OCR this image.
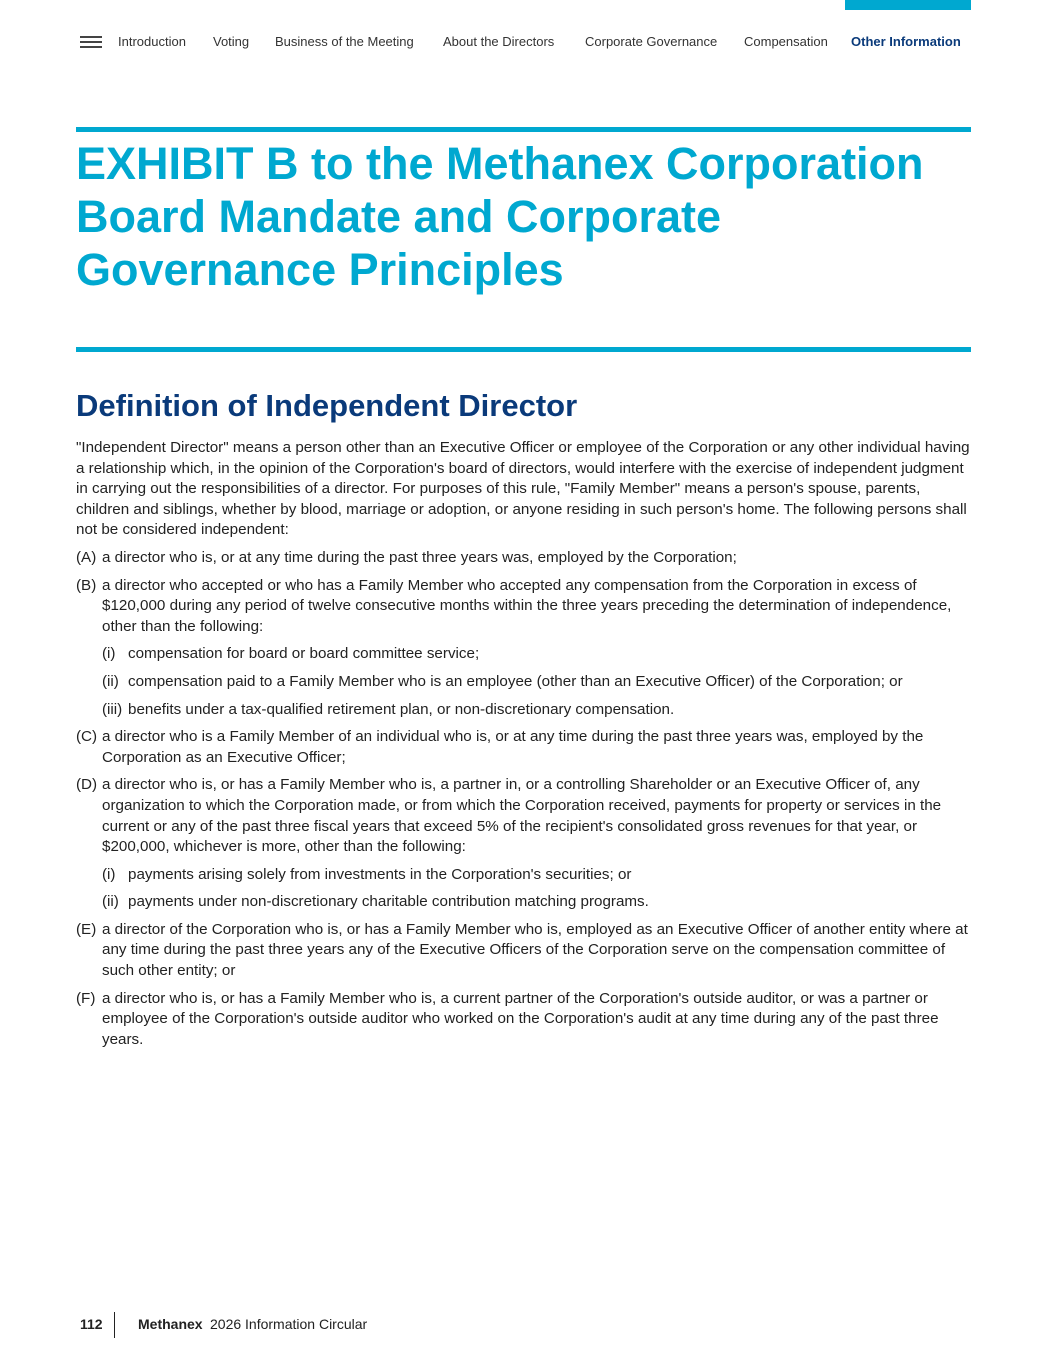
Introduction Voting Business of the Meeting About the Directors Corporate Governance Compensation Other Information
EXHIBIT B to the Methanex Corporation Board Mandate and Corporate Governance Principles
Definition of Independent Director

"Independent Director" means a person other than an Executive Officer or employee of the Corporation or any other individual having a relationship which, in the opinion of the Corporation's board of directors, would interfere with the exercise of independent judgment in carrying out the responsibilities of a director. For purposes of this rule, "Family Member" means a person's spouse, parents, children and siblings, whether by blood, marriage or adoption, or anyone residing in such person's home. The following persons shall not be considered independent:

(A) a director who is, or at any time during the past three years was, employed by the Corporation;
(B) a director who accepted or who has a Family Member who accepted any compensation from the Corporation in excess of $120,000 during any period of twelve consecutive months within the three years preceding the determination of independence, other than the following:
(i) compensation for board or board committee service;
(ii) compensation paid to a Family Member who is an employee (other than an Executive Officer) of the Corporation; or
(iii) benefits under a tax-qualified retirement plan, or non-discretionary compensation.
(C) a director who is a Family Member of an individual who is, or at any time during the past three years was, employed by the Corporation as an Executive Officer;
(D) a director who is, or has a Family Member who is, a partner in, or a controlling Shareholder or an Executive Officer of, any organization to which the Corporation made, or from which the Corporation received, payments for property or services in the current or any of the past three fiscal years that exceed 5% of the recipient's consolidated gross revenues for that year, or $200,000, whichever is more, other than the following:
(i) payments arising solely from investments in the Corporation's securities; or
(ii) payments under non-discretionary charitable contribution matching programs.
(E) a director of the Corporation who is, or has a Family Member who is, employed as an Executive Officer of another entity where at any time during the past three years any of the Executive Officers of the Corporation serve on the compensation committee of such other entity; or
(F) a director who is, or has a Family Member who is, a current partner of the Corporation's outside auditor, or was a partner or employee of the Corporation's outside auditor who worked on the Corporation's audit at any time during any of the past three years.
112	Methanex 2026 Information Circular
